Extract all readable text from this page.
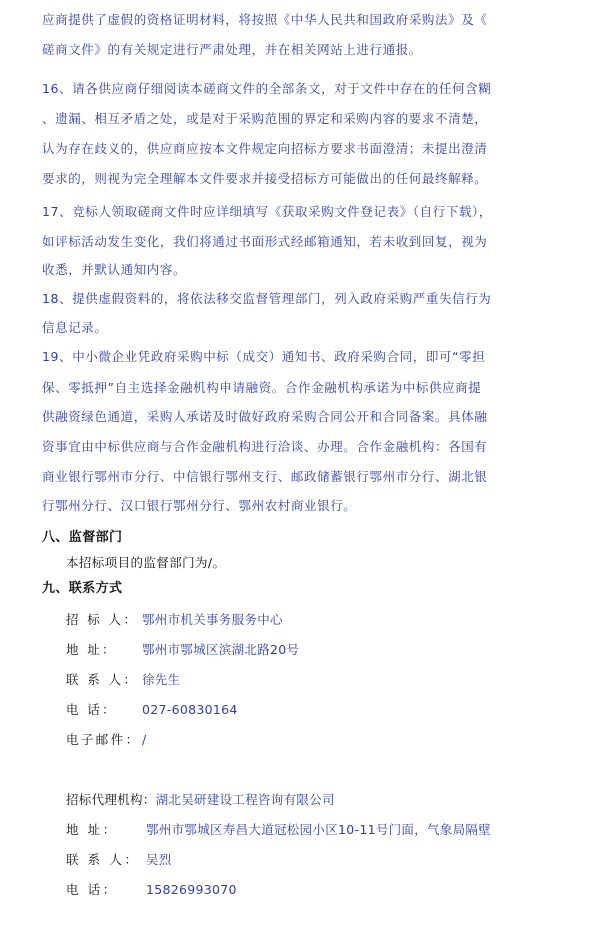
应商提供了虚假的资格证明材料，将按照《中华人民共和国政府采购法》及《
磋商文件》的有关规定进行严肃处理，并在相关网站上进行通报。
16、请各供应商仔细阅读本磋商文件的全部条文，对于文件中存在的任何含糊
、遗漏、相互矛盾之处，或是对于采购范围的界定和采购内容的要求不清楚，
认为存在歧义的，供应商应按本文件规定向招标方要求书面澄清；未提出澄清
要求的，则视为完全理解本文件要求并接受招标方可能做出的任何最终解释。
17、竞标人领取磋商文件时应详细填写《获取采购文件登记表》（自行下载），
如评标活动发生变化，我们将通过书面形式经邮箱通知，若未收到回复，视为
收悉，并默认通知内容。
18、提供虚假资料的，将依法移交监督管理部门，列入政府采购严重失信行为
信息记录。
19、中小微企业凭政府采购中标（成交）通知书、政府采购合同，即可“零担
保、零抵押”自主选择金融机构申请融资。合作金融机构承诺为中标供应商提
供融资绿色通道，采购人承诺及时做好政府采购合同公开和合同备案。具体融
资事宜由中标供应商与合作金融机构进行洽谈、办理。合作金融机构：各国有
商业银行鄂州市分行、中信银行鄂州支行、邮政储蓄银行鄂州市分行、湖北银
行鄂州分行、汉口银行鄂州分行、鄂州农村商业银行。
八、监督部门
本招标项目的监督部门为/。
九、联系方式
招 标 人： 鄂州市机关事务服务中心
地 址： 鄂州市鄂城区滨湖北路20号
联 系 人： 徐先生
电 话： 027-60830164
电子邮件：/
招标代理机构：湖北吴研建设工程咨询有限公司
地 址： 鄂州市鄂城区寿昌大道冠松园小区10-11号门面，气象局隔壁
联 系 人： 吴烈
电 话： 15826993070
